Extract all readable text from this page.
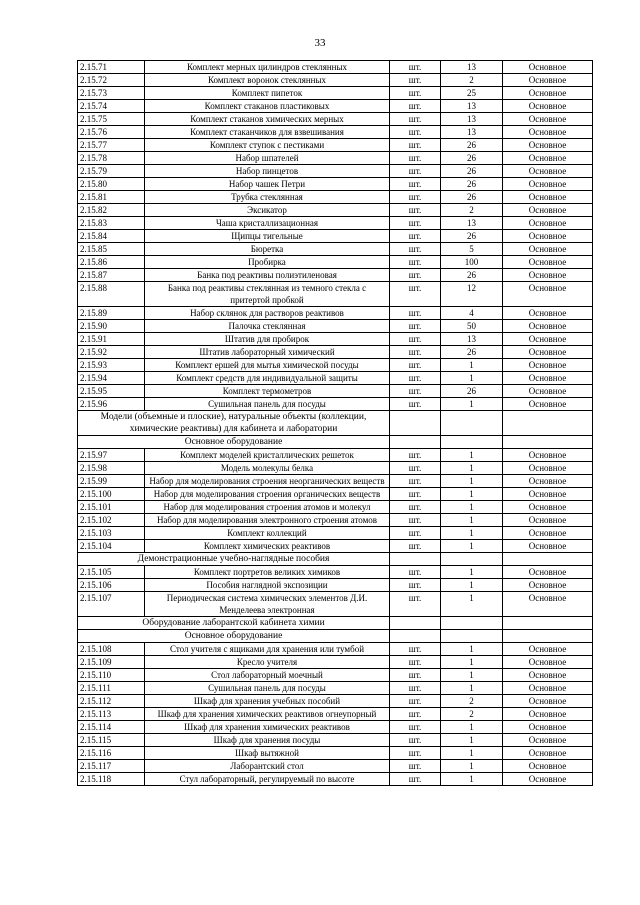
33
2.15.71	Комплект мерных цилиндров стеклянных	шт.	13	Основное
2.15.72	Комплект воронок стеклянных	шт.	2	Основное
2.15.73	Комплект пипеток	шт.	25	Основное
2.15.74	Комплект стаканов пластиковых	шт.	13	Основное
2.15.75	Комплект стаканов химических мерных	шт.	13	Основное
2.15.76	Комплект стаканчиков для взвешивания	шт.	13	Основное
2.15.77	Комплект ступок с пестиками	шт.	26	Основное
2.15.78	Набор шпателей	шт.	26	Основное
2.15.79	Набор пинцетов	шт.	26	Основное
2.15.80	Набор чашек Петри	шт.	26	Основное
2.15.81	Трубка стеклянная	шт.	26	Основное
2.15.82	Эксикатор	шт.	2	Основное
2.15.83	Чаша кристаллизационная	шт.	13	Основное
2.15.84	Щипцы тигельные	шт.	26	Основное
2.15.85	Бюретка	шт.	5	Основное
2.15.86	Пробирка	шт.	100	Основное
2.15.87	Банка под реактивы полиэтиленовая	шт.	26	Основное
2.15.88	Банка под реактивы стеклянная из темного стекла с притертой пробкой	шт.	12	Основное
2.15.89	Набор склянок для растворов реактивов	шт.	4	Основное
2.15.90	Палочка стеклянная	шт.	50	Основное
2.15.91	Штатив для пробирок	шт.	13	Основное
2.15.92	Штатив лабораторный химический	шт.	26	Основное
2.15.93	Комплект ершей для мытья химической посуды	шт.	1	Основное
2.15.94	Комплект средств для индивидуальной защиты	шт.	1	Основное
2.15.95	Комплект термометров	шт.	26	Основное
2.15.96	Сушильная панель для посуды	шт.	1	Основное
Модели (объемные и плоские), натуральные объекты (коллекции, химические реактивы) для кабинета и лаборатории				
Основное оборудование				
2.15.97	Комплект моделей кристаллических решеток	шт.	1	Основное
2.15.98	Модель молекулы белка	шт.	1	Основное
2.15.99	Набор для моделирования строения неорганических веществ	шт.	1	Основное
2.15.100	Набор для моделирования строения органических веществ	шт.	1	Основное
2.15.101	Набор для моделирования строения атомов и молекул	шт.	1	Основное
2.15.102	Набор для моделирования электронного строения атомов	шт.	1	Основное
2.15.103	Комплект коллекций	шт.	1	Основное
2.15.104	Комплект химических реактивов	шт.	1	Основное
Демонстрационные учебно-наглядные пособия				
2.15.105	Комплект портретов великих химиков	шт.	1	Основное
2.15.106	Пособия наглядной экспозиции	шт.	1	Основное
2.15.107	Периодическая система химических элементов Д.И. Менделеева электронная	шт.	1	Основное
Оборудование лаборантской кабинета химии				
Основное оборудование				
2.15.108	Стол учителя с ящиками для хранения или тумбой	шт.	1	Основное
2.15.109	Кресло учителя	шт.	1	Основное
2.15.110	Стол лабораторный моечный	шт.	1	Основное
2.15.111	Сушильная панель для посуды	шт.	1	Основное
2.15.112	Шкаф для хранения учебных пособий	шт.	2	Основное
2.15.113	Шкаф для хранения химических реактивов огнеупорный	шт.	2	Основное
2.15.114	Шкаф для хранения химических реактивов	шт.	1	Основное
2.15.115	Шкаф для хранения посуды	шт.	1	Основное
2.15.116	Шкаф вытяжной	шт.	1	Основное
2.15.117	Лаборантский стол	шт.	1	Основное
2.15.118	Стул лабораторный, регулируемый по высоте	шт.	1	Основное
